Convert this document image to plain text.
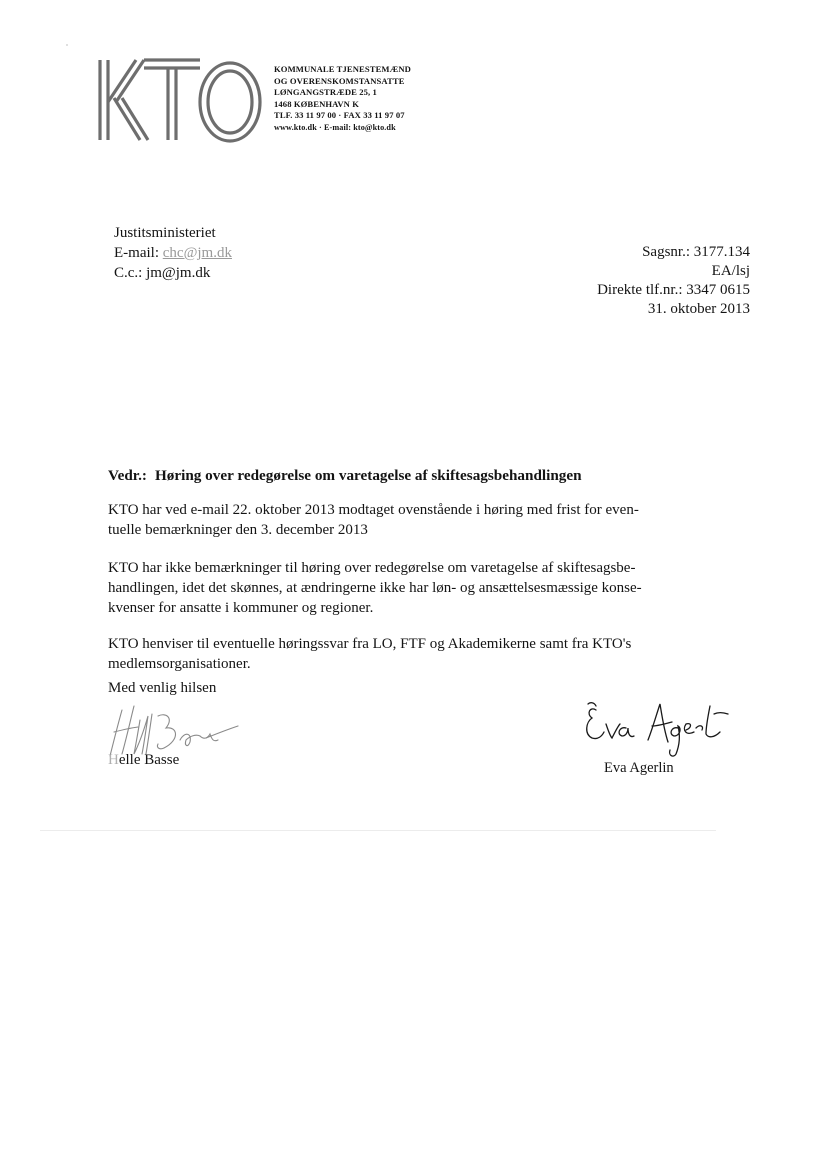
KOMMUNALE TJENESTEMÆND
OG OVERENSKOMSTANSATTE
LØNGANGSTRÆDE 25, 1
1468 KØBENHAVN K
TLF. 33 11 97 00 · FAX 33 11 97 07
www.kto.dk · E-mail: kto@kto.dk
Justitsministeriet
E-mail: chc@jm.dk
C.c.: jm@jm.dk
Sagsnr.: 3177.134
EA/lsj
Direkte tlf.nr.: 3347 0615
31. oktober 2013
Vedr.: Høring over redegørelse om varetagelse af skiftesagsbehandlingen
KTO har ved e-mail 22. oktober 2013 modtaget ovenstående i høring med frist for even-
tuelle bemærkninger den 3. december 2013
KTO har ikke bemærkninger til høring over redegørelse om varetagelse af skiftesagsbe-
handlingen, idet det skønnes, at ændringerne ikke har løn- og ansættelsesmæssige konse-
kvenser for ansatte i kommuner og regioner.
KTO henviser til eventuelle høringssvar fra LO, FTF og Akademikerne samt fra KTO's
medlemsorganisationer.
Med venlig hilsen
Helle Basse	Eva Agerlin
